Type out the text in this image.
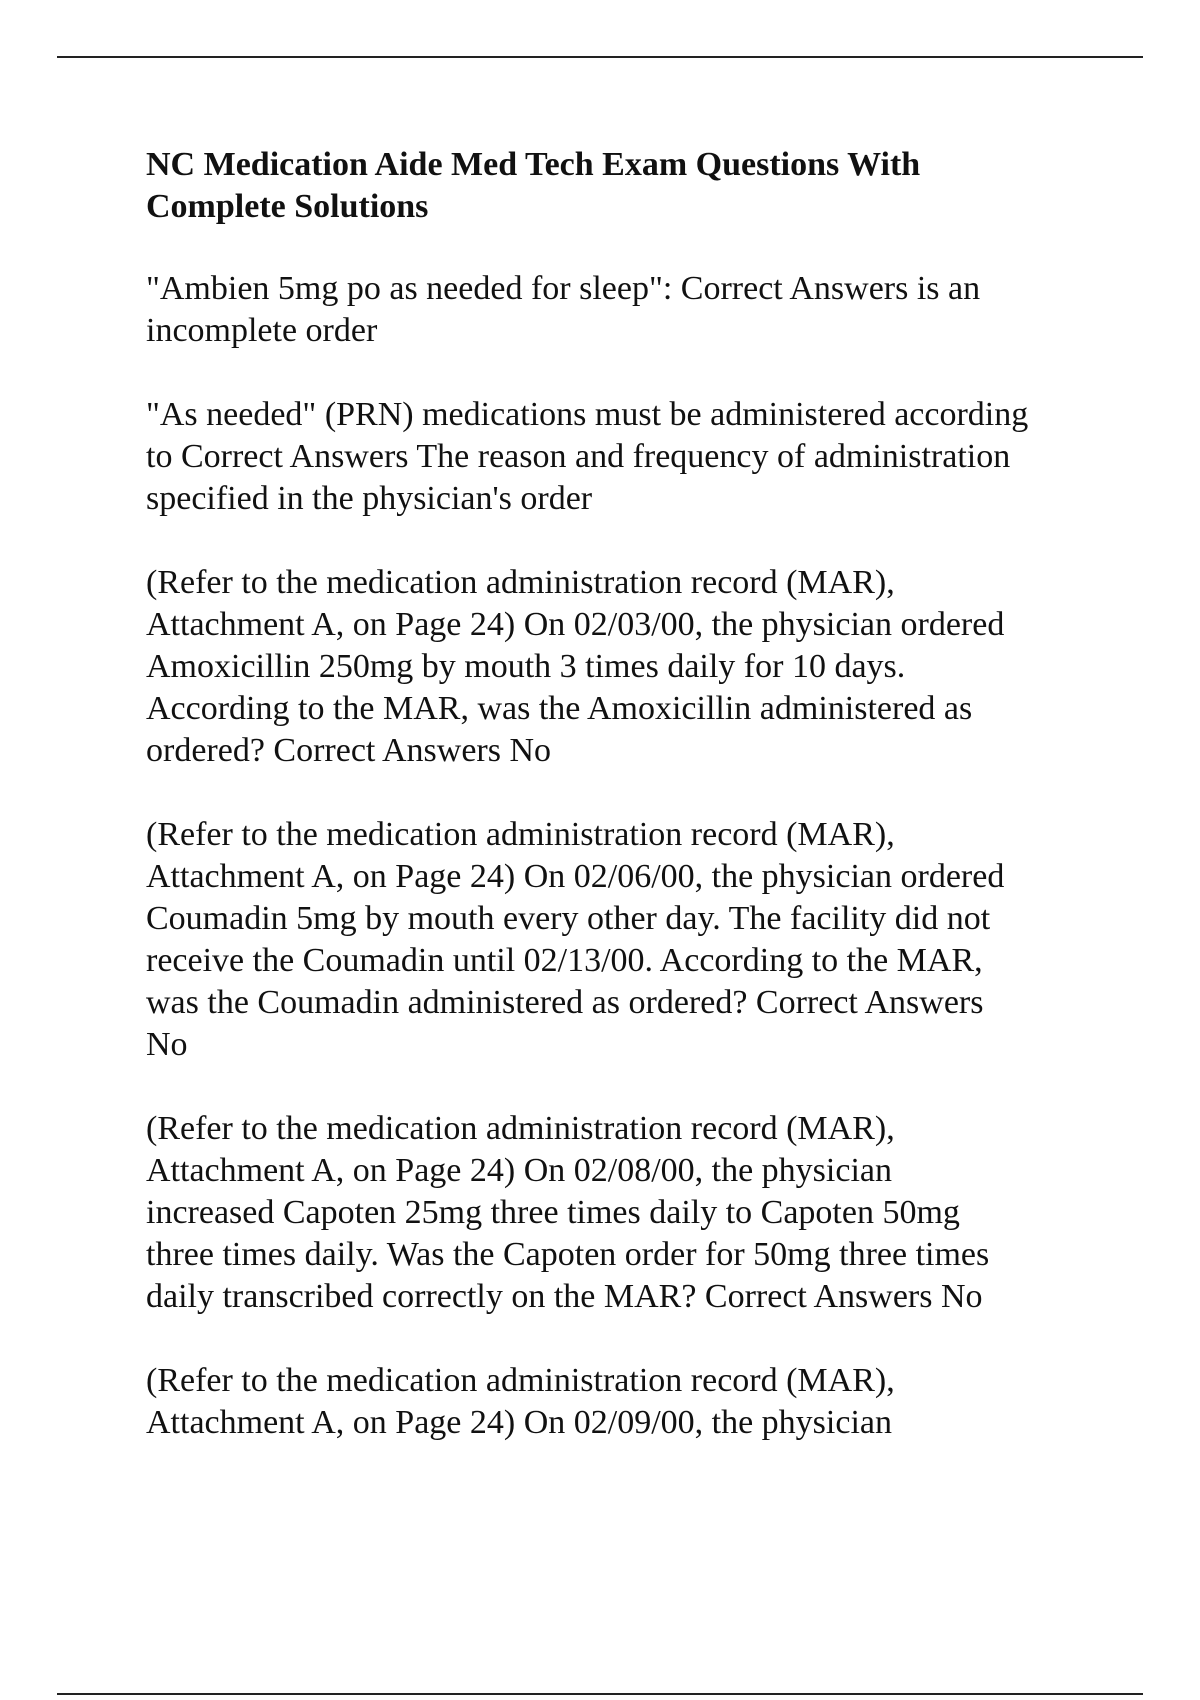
NC Medication Aide Med Tech Exam Questions With
Complete Solutions
"Ambien 5mg po as needed for sleep": Correct Answers is an
incomplete order
"As needed" (PRN) medications must be administered according
to Correct Answers The reason and frequency of administration
specified in the physician's order
(Refer to the medication administration record (MAR),
Attachment A, on Page 24) On 02/03/00, the physician ordered
Amoxicillin 250mg by mouth 3 times daily for 10 days.
According to the MAR, was the Amoxicillin administered as
ordered? Correct Answers No
(Refer to the medication administration record (MAR),
Attachment A, on Page 24) On 02/06/00, the physician ordered
Coumadin 5mg by mouth every other day. The facility did not
receive the Coumadin until 02/13/00. According to the MAR,
was the Coumadin administered as ordered? Correct Answers
No
(Refer to the medication administration record (MAR),
Attachment A, on Page 24) On 02/08/00, the physician
increased Capoten 25mg three times daily to Capoten 50mg
three times daily. Was the Capoten order for 50mg three times
daily transcribed correctly on the MAR? Correct Answers No
(Refer to the medication administration record (MAR),
Attachment A, on Page 24) On 02/09/00, the physician
